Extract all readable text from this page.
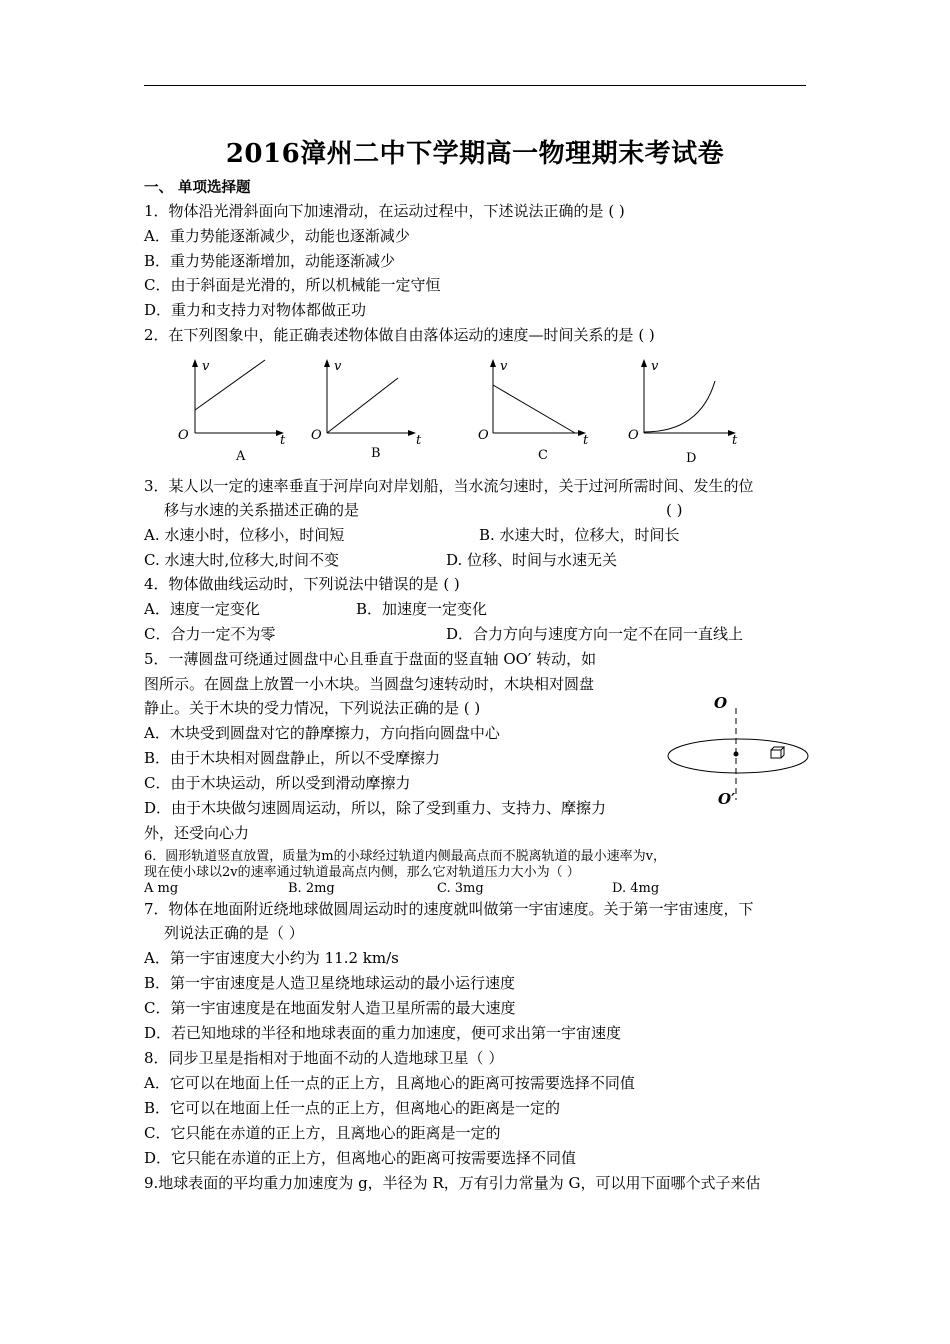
2016漳州二中下学期高一物理期末考试卷
一、 单项选择题
1．物体沿光滑斜面向下加速滑动，在运动过程中，下述说法正确的是 ( )
A．重力势能逐渐减少，动能也逐渐减少
B．重力势能逐渐增加，动能逐渐减少
C．由于斜面是光滑的，所以机械能一定守恒
D．重力和支持力对物体都做正功
2．在下列图象中，能正确表述物体做自由落体运动的速度—时间关系的是 ( )
v
t
O
A
v
t
O
B
v
t
O
C
v
t
O
D
3．某人以一定的速率垂直于河岸向对岸划船，当水流匀速时，关于过河所需时间、发生的位
移与水速的关系描述正确的是	( )
A. 水速小时，位移小，时间短	B. 水速大时，位移大，时间长
C. 水速大时,位移大,时间不变	D. 位移、时间与水速无关
4．物体做曲线运动时，下列说法中错误的是 ( )
A．速度一定变化	B．加速度一定变化
C．合力一定不为零	D．合力方向与速度方向一定不在同一直线上
5．一薄圆盘可绕通过圆盘中心且垂直于盘面的竖直轴 OO′ 转动，如
图所示。在圆盘上放置一小木块。当圆盘匀速转动时，木块相对圆盘
静止。关于木块的受力情况，下列说法正确的是 ( )
A．木块受到圆盘对它的静摩擦力，方向指向圆盘中心
B．由于木块相对圆盘静止，所以不受摩擦力
C．由于木块运动，所以受到滑动摩擦力
D．由于木块做匀速圆周运动，所以，除了受到重力、支持力、摩擦力
外，还受向心力
O
O′
6．圆形轨道竖直放置，质量为m的小球经过轨道内侧最高点而不脱离轨道的最小速率为v，
现在使小球以2v的速率通过轨道最高点内侧，那么它对轨道压力大小为（ ）
A mg	B. 2mg	C. 3mg	D. 4mg
7．物体在地面附近绕地球做圆周运动时的速度就叫做第一宇宙速度。关于第一宇宙速度，下
列说法正确的是（ ）
A．第一宇宙速度大小约为 11.2 km/s
B．第一宇宙速度是人造卫星绕地球运动的最小运行速度
C．第一宇宙速度是在地面发射人造卫星所需的最大速度
D．若已知地球的半径和地球表面的重力加速度，便可求出第一宇宙速度
8．同步卫星是指相对于地面不动的人造地球卫星（ ）
A．它可以在地面上任一点的正上方，且离地心的距离可按需要选择不同值
B．它可以在地面上任一点的正上方，但离地心的距离是一定的
C．它只能在赤道的正上方，且离地心的距离是一定的
D．它只能在赤道的正上方，但离地心的距离可按需要选择不同值
9.地球表面的平均重力加速度为 g，半径为 R，万有引力常量为 G，可以用下面哪个式子来估
